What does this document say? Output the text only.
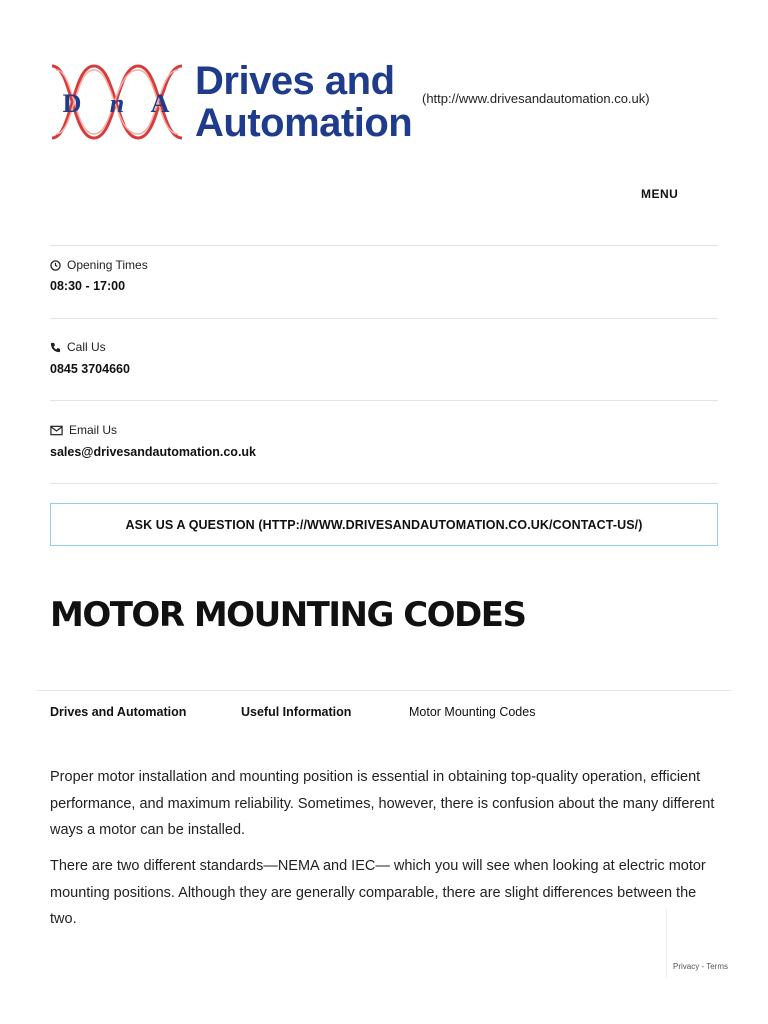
D n A
Drives and
Automation
(http://www.drivesandautomation.co.uk)
MENU
Opening Times
08:30 - 17:00
Call Us
0845 3704660
Email Us
sales@drivesandautomation.co.uk
ASK US A QUESTION (HTTP://WWW.DRIVESANDAUTOMATION.CO.UK/CONTACT-US/)
MOTOR MOUNTING CODES
Drives and Automation	Useful Information	Motor Mounting Codes

Proper motor installation and mounting position is essential in obtaining top-quality operation, efficient performance, and maximum reliability. Sometimes, however, there is confusion about the many different ways a motor can be installed.

There are two different standards—NEMA and IEC— which you will see when looking at electric motor mounting positions. Although they are generally comparable, there are slight differences between the two.

Privacy - Terms
